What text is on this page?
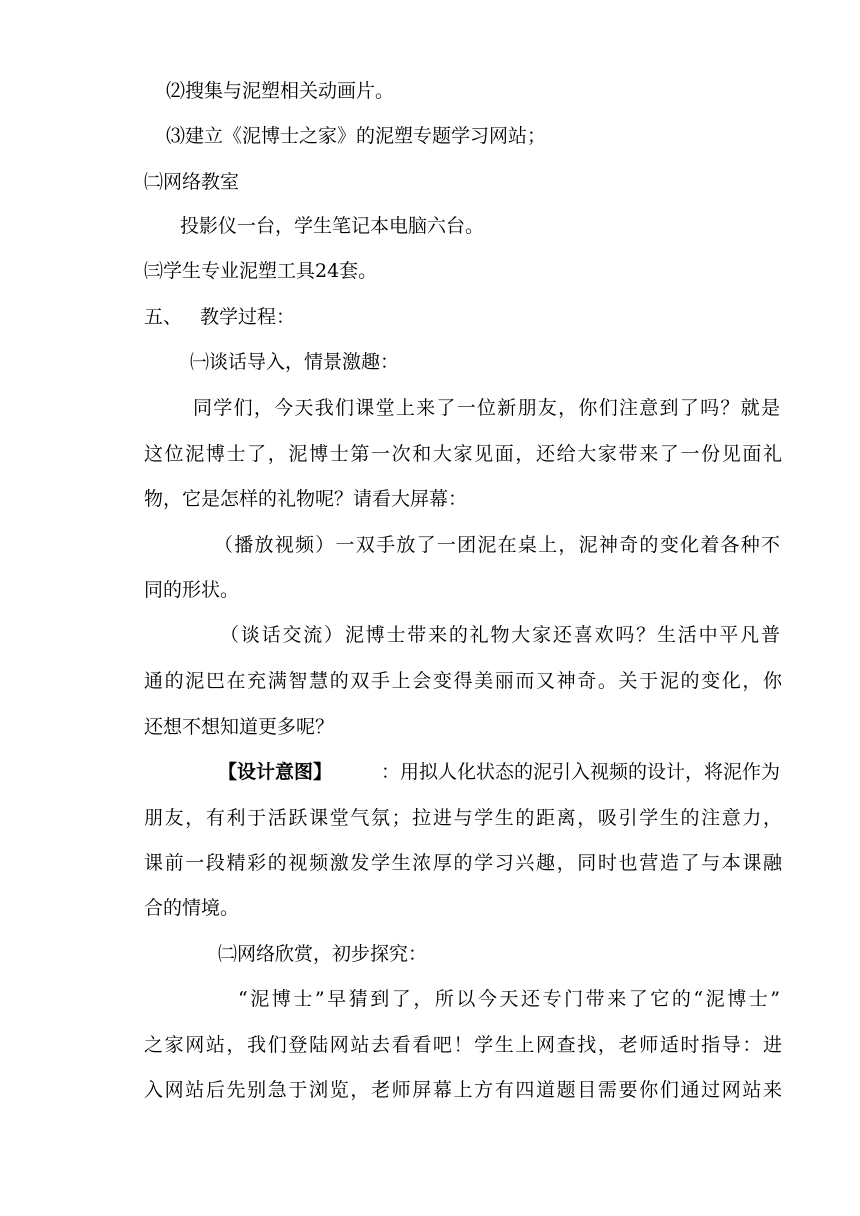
⑵搜集与泥塑相关动画片。
⑶建立《泥博士之家》的泥塑专题学习网站；
㈡网络教室
投影仪一台，学生笔记本电脑六台。
㈢学生专业泥塑工具24套。
五、 教学过程：
㈠谈话导入，情景激趣：
同学们，今天我们课堂上来了一位新朋友，你们注意到了吗？就是
这位泥博士了，泥博士第一次和大家见面，还给大家带来了一份见面礼
物，它是怎样的礼物呢？请看大屏幕：
（播放视频）一双手放了一团泥在桌上，泥神奇的变化着各种不
同的形状。
（谈话交流）泥博士带来的礼物大家还喜欢吗？生活中平凡普
通的泥巴在充满智慧的双手上会变得美丽而又神奇。关于泥的变化，你
还想不想知道更多呢？
【设计意图】	：用拟人化状态的泥引入视频的设计，将泥作为
朋友，有利于活跃课堂气氛；拉进与学生的距离，吸引学生的注意力，
课前一段精彩的视频激发学生浓厚的学习兴趣，同时也营造了与本课融
合的情境。
㈡网络欣赏，初步探究：
“泥博士”早猜到了，所以今天还专门带来了它的“泥博士”
之家网站，我们登陆网站去看看吧！学生上网查找，老师适时指导：进
入网站后先别急于浏览，老师屏幕上方有四道题目需要你们通过网站来
